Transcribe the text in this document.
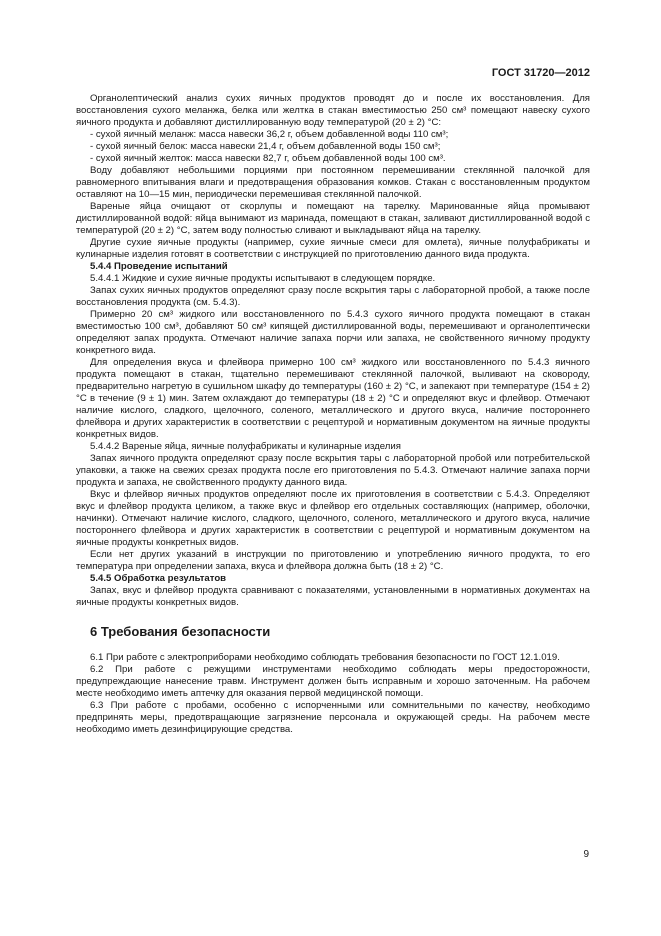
ГОСТ 31720—2012

Органолептический анализ сухих яичных продуктов проводят до и после их восстановления. Для восстановления сухого меланжа, белка или желтка в стакан вместимостью 250 см³ помещают навеску сухого яичного продукта и добавляют дистиллированную воду температурой (20 ± 2) °С:

- сухой яичный меланж: масса навески 36,2 г, объем добавленной воды 110 см³;

- сухой яичный белок: масса навески 21,4 г, объем добавленной воды 150 см³;

- сухой яичный желток: масса навески 82,7 г, объем добавленной воды 100 см³.

Воду добавляют небольшими порциями при постоянном перемешивании стеклянной палочкой для равномерного впитывания влаги и предотвращения образования комков. Стакан с восстановленным продуктом оставляют на 10—15 мин, периодически перемешивая стеклянной палочкой.

Вареные яйца очищают от скорлупы и помещают на тарелку. Маринованные яйца промывают дистиллированной водой: яйца вынимают из маринада, помещают в стакан, заливают дистиллированной водой с температурой (20 ± 2) °С, затем воду полностью сливают и выкладывают яйца на тарелку.

Другие сухие яичные продукты (например, сухие яичные смеси для омлета), яичные полуфабрикаты и кулинарные изделия готовят в соответствии с инструкцией по приготовлению данного вида продукта.

5.4.4 Проведение испытаний

5.4.4.1 Жидкие и сухие яичные продукты испытывают в следующем порядке.

Запах сухих яичных продуктов определяют сразу после вскрытия тары с лабораторной пробой, а также после восстановления продукта (см. 5.4.3).

Примерно 20 см³ жидкого или восстановленного по 5.4.3 сухого яичного продукта помещают в стакан вместимостью 100 см³, добавляют 50 см³ кипящей дистиллированной воды, перемешивают и органолептически определяют запах продукта. Отмечают наличие запаха порчи или запаха, не свойственного яичному продукту конкретного вида.

Для определения вкуса и флейвора примерно 100 см³ жидкого или восстановленного по 5.4.3 яичного продукта помещают в стакан, тщательно перемешивают стеклянной палочкой, выливают на сковороду, предварительно нагретую в сушильном шкафу до температуры (160 ± 2) °С, и запекают при температуре (154 ± 2) °С в течение (9 ± 1) мин. Затем охлаждают до температуры (18 ± 2) °С и определяют вкус и флейвор. Отмечают наличие кислого, сладкого, щелочного, соленого, металлического и другого вкуса, наличие постороннего флейвора и других характеристик в соответствии с рецептурой и нормативным документом на яичные продукты конкретных видов.

5.4.4.2 Вареные яйца, яичные полуфабрикаты и кулинарные изделия

Запах яичного продукта определяют сразу после вскрытия тары с лабораторной пробой или потребительской упаковки, а также на свежих срезах продукта после его приготовления по 5.4.3. Отмечают наличие запаха порчи продукта и запаха, не свойственного продукту данного вида.

Вкус и флейвор яичных продуктов определяют после их приготовления в соответствии с 5.4.3. Определяют вкус и флейвор продукта целиком, а также вкус и флейвор его отдельных составляющих (например, оболочки, начинки). Отмечают наличие кислого, сладкого, щелочного, соленого, металлического и другого вкуса, наличие постороннего флейвора и других характеристик в соответствии с рецептурой и нормативным документом на яичные продукты конкретных видов.

Если нет других указаний в инструкции по приготовлению и употреблению яичного продукта, то его температура при определении запаха, вкуса и флейвора должна быть (18 ± 2) °С.

5.4.5 Обработка результатов

Запах, вкус и флейвор продукта сравнивают с показателями, установленными в нормативных документах на яичные продукты конкретных видов.

6 Требования безопасности

6.1 При работе с электроприборами необходимо соблюдать требования безопасности по ГОСТ 12.1.019.

6.2 При работе с режущими инструментами необходимо соблюдать меры предосторожности, предупреждающие нанесение травм. Инструмент должен быть исправным и хорошо заточенным. На рабочем месте необходимо иметь аптечку для оказания первой медицинской помощи.

6.3 При работе с пробами, особенно с испорченными или сомнительными по качеству, необходимо предпринять меры, предотвращающие загрязнение персонала и окружающей среды. На рабочем месте необходимо иметь дезинфицирующие средства.

9
